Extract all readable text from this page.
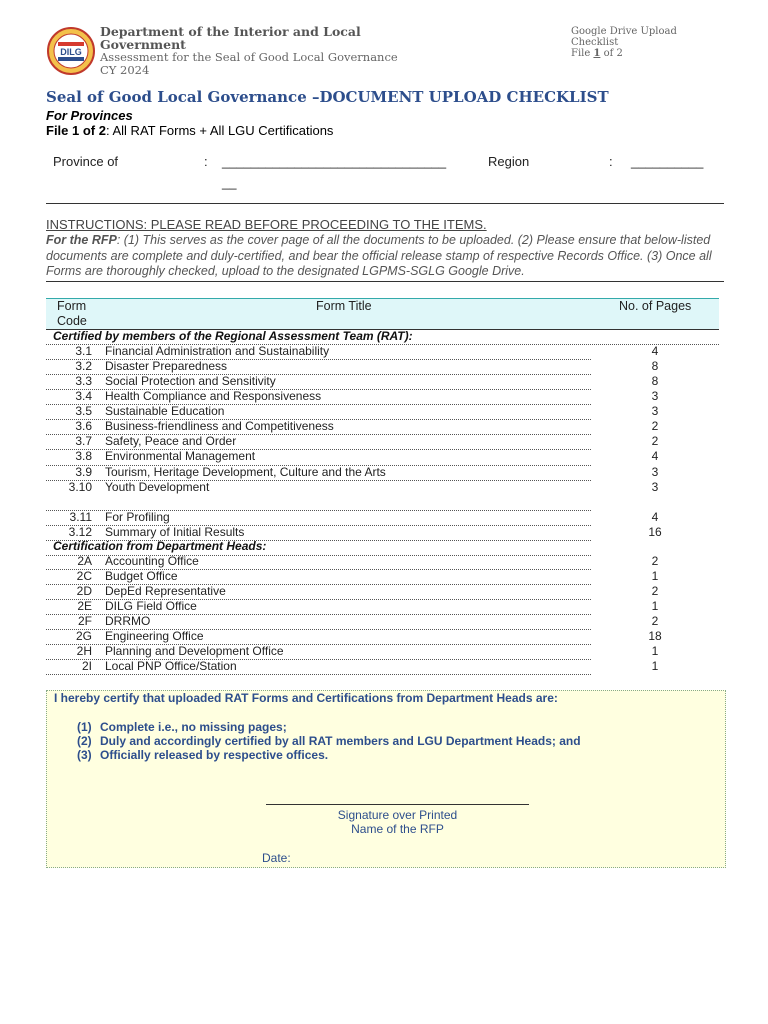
DILG
Department of the Interior and Local Government
Assessment for the Seal of Good Local Governance
CY 2024
Google Drive Upload Checklist
File 1 of 2
Seal of Good Local Governance –DOCUMENT UPLOAD CHECKLIST
For Provinces
File 1 of 2: All RAT Forms + All LGU Certifications
Province of	: _______________________________	Region	: __________
__
INSTRUCTIONS: PLEASE READ BEFORE PROCEEDING TO THE ITEMS.
For the RFP: (1) This serves as the cover page of all the documents to be uploaded. (2) Please ensure that below-listed documents are complete and duly-certified, and bear the official release stamp of respective Records Office. (3) Once all Forms are thoroughly checked, upload to the designated LGPMS-SGLG Google Drive.
Form
Code
Form Title	No. of Pages
Certified by members of the Regional Assessment Team (RAT):
3.1 Financial Administration and Sustainability	4
3.2 Disaster Preparedness	8
3.3 Social Protection and Sensitivity	8
3.4 Health Compliance and Responsiveness	3
3.5 Sustainable Education	3
3.6 Business-friendliness and Competitiveness	2
3.7 Safety, Peace and Order	2
3.8 Environmental Management	4
3.9 Tourism, Heritage Development, Culture and the Arts	3
3.10 Youth Development	3
3.11 For Profiling	4
3.12 Summary of Initial Results	16
Certification from Department Heads:
2A Accounting Office	2
2C Budget Office	1
2D DepEd Representative	2
2E DILG Field Office	1
2F DRRMO	2
2G Engineering Office	18
2H Planning and Development Office	1
2I Local PNP Office/Station	1
I hereby certify that uploaded RAT Forms and Certifications from Department Heads are:
(1) Complete i.e., no missing pages;
(2) Duly and accordingly certified by all RAT members and LGU Department Heads; and
(3) Officially released by respective offices.
Signature over Printed
Name of the RFP
Date:
